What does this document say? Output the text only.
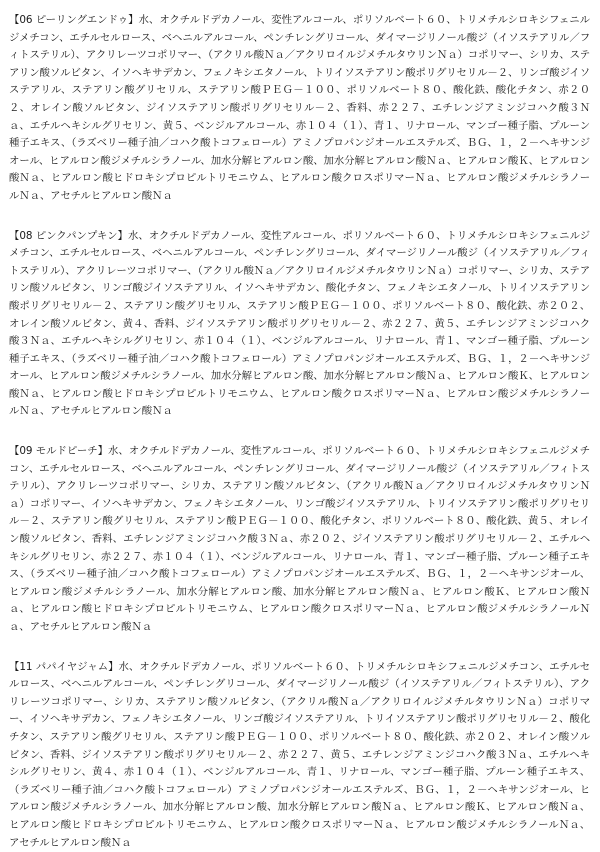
【06 ピーリングエンドゥ】水、オクチルドデカノール、変性アルコール、ポリソルベート６０、トリメチルシロキシフェニルジメチコン、エチルセルロース、ベヘニルアルコール、ペンチレングリコール、ダイマージリノール酸ジ（イソステアリル／フィトステリル）、アクリレーツコポリマー、（アクリル酸Ｎａ／アクリロイルジメチルタウリンＮａ）コポリマー、シリカ、ステアリン酸ソルビタン、イソヘキサデカン、フェノキシエタノール、トリイソステアリン酸ポリグリセリル－２、リンゴ酸ジイソステアリル、ステアリン酸グリセリル、ステアリン酸ＰＥＧ－１００、ポリソルベート８０、酸化鉄、酸化チタン、赤２０２、オレイン酸ソルビタン、ジイソステアリン酸ポリグリセリル－２、香料、赤２２７、エチレンジアミンジコハク酸３Ｎａ、エチルヘキシルグリセリン、黄５、ベンジルアルコール、赤１０４（１）、青１、リナロール、マンゴー種子脂、プルーン種子エキス、（ラズベリー種子油／コハク酸トコフェロール）アミノプロパンジオールエステルズ、ＢＧ、１，２－ヘキサンジオール、ヒアルロン酸ジメチルシラノール、加水分解ヒアルロン酸、加水分解ヒアルロン酸Ｎａ、ヒアルロン酸Ｋ、ヒアルロン酸Ｎａ、ヒアルロン酸ヒドロキシプロピルトリモニウム、ヒアルロン酸クロスポリマーＮａ、ヒアルロン酸ジメチルシラノールＮａ、アセチルヒアルロン酸Ｎａ

【08 ピンクパンプキン】水、オクチルドデカノール、変性アルコール、ポリソルベート６０、トリメチルシロキシフェニルジメチコン、エチルセルロース、ベヘニルアルコール、ペンチレングリコール、ダイマージリノール酸ジ（イソステアリル／フィトステリル）、アクリレーツコポリマー、（アクリル酸Ｎａ／アクリロイルジメチルタウリンＮａ）コポリマー、シリカ、ステアリン酸ソルビタン、リンゴ酸ジイソステアリル、イソヘキサデカン、酸化チタン、フェノキシエタノール、トリイソステアリン酸ポリグリセリル－２、ステアリン酸グリセリル、ステアリン酸ＰＥＧ－１００、ポリソルベート８０、酸化鉄、赤２０２、オレイン酸ソルビタン、黄４、香料、ジイソステアリン酸ポリグリセリル－２、赤２２７、黄５、エチレンジアミンジコハク酸３Ｎａ、エチルヘキシルグリセリン、赤１０４（１）、ベンジルアルコール、リナロール、青１、マンゴー種子脂、プルーン種子エキス、（ラズベリー種子油／コハク酸トコフェロール）アミノプロパンジオールエステルズ、ＢＧ、１，２－ヘキサンジオール、ヒアルロン酸ジメチルシラノール、加水分解ヒアルロン酸、加水分解ヒアルロン酸Ｎａ、ヒアルロン酸Ｋ、ヒアルロン酸Ｎａ、ヒアルロン酸ヒドロキシプロピルトリモニウム、ヒアルロン酸クロスポリマーＮａ、ヒアルロン酸ジメチルシラノールＮａ、アセチルヒアルロン酸Ｎａ

【09 モルドピーチ】水、オクチルドデカノール、変性アルコール、ポリソルベート６０、トリメチルシロキシフェニルジメチコン、エチルセルロース、ベヘニルアルコール、ペンチレングリコール、ダイマージリノール酸ジ（イソステアリル／フィトステリル）、アクリレーツコポリマー、シリカ、ステアリン酸ソルビタン、（アクリル酸Ｎａ／アクリロイルジメチルタウリンＮａ）コポリマー、イソヘキサデカン、フェノキシエタノール、リンゴ酸ジイソステアリル、トリイソステアリン酸ポリグリセリル－２、ステアリン酸グリセリル、ステアリン酸ＰＥＧ－１００、酸化チタン、ポリソルベート８０、酸化鉄、黄５、オレイン酸ソルビタン、香料、エチレンジアミンジコハク酸３Ｎａ、赤２０２、ジイソステアリン酸ポリグリセリル－２、エチルヘキシルグリセリン、赤２２７、赤１０４（１）、ベンジルアルコール、リナロール、青１、マンゴー種子脂、プルーン種子エキス、（ラズベリー種子油／コハク酸トコフェロール）アミノプロパンジオールエステルズ、ＢＧ、１，２－ヘキサンジオール、ヒアルロン酸ジメチルシラノール、加水分解ヒアルロン酸、加水分解ヒアルロン酸Ｎａ、ヒアルロン酸Ｋ、ヒアルロン酸Ｎａ、ヒアルロン酸ヒドロキシプロピルトリモニウム、ヒアルロン酸クロスポリマーＮａ、ヒアルロン酸ジメチルシラノールＮａ、アセチルヒアルロン酸Ｎａ

【11 パパイヤジャム】水、オクチルドデカノール、ポリソルベート６０、トリメチルシロキシフェニルジメチコン、エチルセルロース、ベヘニルアルコール、ペンチレングリコール、ダイマージリノール酸ジ（イソステアリル／フィトステリル）、アクリレーツコポリマー、シリカ、ステアリン酸ソルビタン、（アクリル酸Ｎａ／アクリロイルジメチルタウリンＮａ）コポリマー、イソヘキサデカン、フェノキシエタノール、リンゴ酸ジイソステアリル、トリイソステアリン酸ポリグリセリル－２、酸化チタン、ステアリン酸グリセリル、ステアリン酸ＰＥＧ－１００、ポリソルベート８０、酸化鉄、赤２０２、オレイン酸ソルビタン、香料、ジイソステアリン酸ポリグリセリル－２、赤２２７、黄５、エチレンジアミンジコハク酸３Ｎａ、エチルヘキシルグリセリン、黄４、赤１０４（１）、ベンジルアルコール、青１、リナロール、マンゴー種子脂、プルーン種子エキス、（ラズベリー種子油／コハク酸トコフェロール）アミノプロパンジオールエステルズ、ＢＧ、１，２－ヘキサンジオール、ヒアルロン酸ジメチルシラノール、加水分解ヒアルロン酸、加水分解ヒアルロン酸Ｎａ、ヒアルロン酸Ｋ、ヒアルロン酸Ｎａ、ヒアルロン酸ヒドロキシプロピルトリモニウム、ヒアルロン酸クロスポリマーＮａ、ヒアルロン酸ジメチルシラノールＮａ、アセチルヒアルロン酸Ｎａ
